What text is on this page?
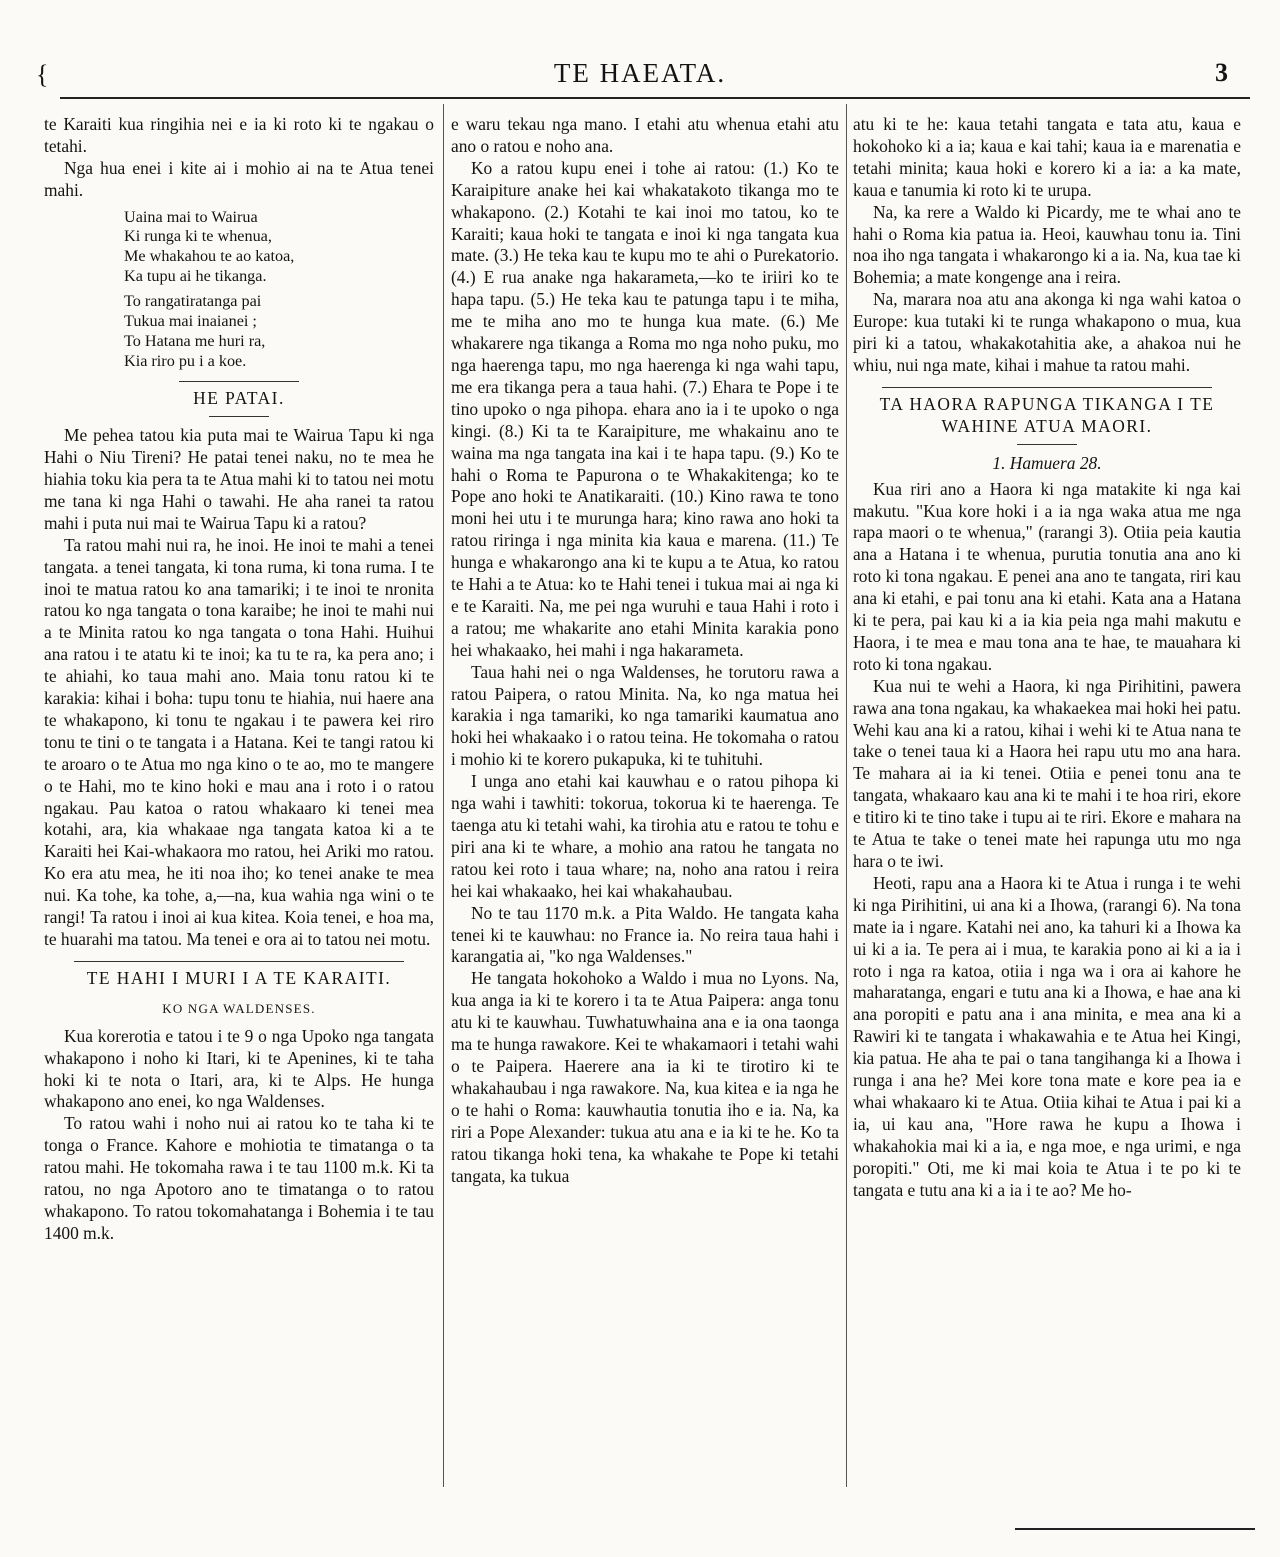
{	TE HAEATA.	3

te Karaiti kua ringihia nei e ia ki roto ki te ngakau o tetahi.

Nga hua enei i kite ai i mohio ai na te Atua tenei mahi.

Uaina mai to Wairua
Ki runga ki te whenua,
Me whakahou te ao katoa,
Ka tupu ai he tikanga.
To rangatiratanga pai
Tukua mai inaianei ;
To Hatana me huri ra,
Kia riro pu i a koe.
HE PATAI.

Me pehea tatou kia puta mai te Wairua Tapu ki nga Hahi o Niu Tireni? He patai tenei naku, no te mea he hiahia toku kia pera ta te Atua mahi ki to tatou nei motu me tana ki nga Hahi o tawahi. He aha ranei ta ratou mahi i puta nui mai te Wairua Tapu ki a ratou?

Ta ratou mahi nui ra, he inoi. He inoi te mahi a tenei tangata. a tenei tangata, ki tona ruma, ki tona ruma. I te inoi te matua ratou ko ana tamariki; i te inoi te nronita ratou ko nga tangata o tona karaibe; he inoi te mahi nui a te Minita ratou ko nga tangata o tona Hahi. Huihui ana ratou i te atatu ki te inoi; ka tu te ra, ka pera ano; i te ahiahi, ko taua mahi ano. Maia tonu ratou ki te karakia: kihai i boha: tupu tonu te hiahia, nui haere ana te whakapono, ki tonu te ngakau i te pawera kei riro tonu te tini o te tangata i a Hatana. Kei te tangi ratou ki te aroaro o te Atua mo nga kino o te ao, mo te mangere o te Hahi, mo te kino hoki e mau ana i roto i o ratou ngakau. Pau katoa o ratou whakaaro ki tenei mea kotahi, ara, kia whakaae nga tangata katoa ki a te Karaiti hei Kai-whakaora mo ratou, hei Ariki mo ratou. Ko era atu mea, he iti noa iho; ko tenei anake te mea nui. Ka tohe, ka tohe, a,—na, kua wahia nga wini o te rangi! Ta ratou i inoi ai kua kitea. Koia tenei, e hoa ma, te huarahi ma tatou. Ma tenei e ora ai to tatou nei motu.

TE HAHI I MURI I A TE KARAITI.
KO NGA WALDENSES.

Kua korerotia e tatou i te 9 o nga Upoko nga tangata whakapono i noho ki Itari, ki te Apenines, ki te taha hoki ki te nota o Itari, ara, ki te Alps. He hunga whakapono ano enei, ko nga Waldenses.

To ratou wahi i noho nui ai ratou ko te taha ki te tonga o France. Kahore e mohiotia te timatanga o ta ratou mahi. He tokomaha rawa i te tau 1100 m.k. Ki ta ratou, no nga Apotoro ano te timatanga o to ratou whakapono. To ratou tokomahatanga i Bohemia i te tau 1400 m.k.

e waru tekau nga mano. I etahi atu whenua etahi atu ano o ratou e noho ana.

Ko a ratou kupu enei i tohe ai ratou: (1.) Ko te Karaipiture anake hei kai whakatakoto tikanga mo te whakapono. (2.) Kotahi te kai inoi mo tatou, ko te Karaiti; kaua hoki te tangata e inoi ki nga tangata kua mate. (3.) He teka kau te kupu mo te ahi o Purekatorio. (4.) E rua anake nga hakarameta,—ko te iriiri ko te hapa tapu. (5.) He teka kau te patunga tapu i te miha, me te miha ano mo te hunga kua mate. (6.) Me whakarere nga tikanga a Roma mo nga noho puku, mo nga haerenga tapu, mo nga haerenga ki nga wahi tapu, me era tikanga pera a taua hahi. (7.) Ehara te Pope i te tino upoko o nga pihopa. ehara ano ia i te upoko o nga kingi. (8.) Ki ta te Karaipiture, me whakainu ano te waina ma nga tangata ina kai i te hapa tapu. (9.) Ko te hahi o Roma te Papurona o te Whakakitenga; ko te Pope ano hoki te Anatikaraiti. (10.) Kino rawa te tono moni hei utu i te murunga hara; kino rawa ano hoki ta ratou riringa i nga minita kia kaua e marena. (11.) Te hunga e whakarongo ana ki te kupu a te Atua, ko ratou te Hahi a te Atua: ko te Hahi tenei i tukua mai ai nga ki e te Karaiti. Na, me pei nga wuruhi e taua Hahi i roto i a ratou; me whakarite ano etahi Minita karakia pono hei whakaako, hei mahi i nga hakarameta.

Taua hahi nei o nga Waldenses, he torutoru rawa a ratou Paipera, o ratou Minita. Na, ko nga matua hei karakia i nga tamariki, ko nga tamariki kaumatua ano hoki hei whakaako i o ratou teina. He tokomaha o ratou i mohio ki te korero pukapuka, ki te tuhituhi.

I unga ano etahi kai kauwhau e o ratou pihopa ki nga wahi i tawhiti: tokorua, tokorua ki te haerenga. Te taenga atu ki tetahi wahi, ka tirohia atu e ratou te tohu e piri ana ki te whare, a mohio ana ratou he tangata no ratou kei roto i taua whare; na, noho ana ratou i reira hei kai whakaako, hei kai whakahaubau.

No te tau 1170 m.k. a Pita Waldo. He tangata kaha tenei ki te kauwhau: no France ia. No reira taua hahi i karangatia ai, "ko nga Waldenses."

He tangata hokohoko a Waldo i mua no Lyons. Na, kua anga ia ki te korero i ta te Atua Paipera: anga tonu atu ki te kauwhau. Tuwhatuwhaina ana e ia ona taonga ma te hunga rawakore. Kei te whakamaori i tetahi wahi o te Paipera. Haerere ana ia ki te tirotiro ki te whakahaubau i nga rawakore. Na, kua kitea e ia nga he o te hahi o Roma: kauwhautia tonutia iho e ia. Na, ka riri a Pope Alexander: tukua atu ana e ia ki te he. Ko ta ratou tikanga hoki tena, ka whakahe te Pope ki tetahi tangata, ka tukua

atu ki te he: kaua tetahi tangata e tata atu, kaua e hokohoko ki a ia; kaua e kai tahi; kaua ia e marenatia e tetahi minita; kaua hoki e korero ki a ia: a ka mate, kaua e tanumia ki roto ki te urupa.

Na, ka rere a Waldo ki Picardy, me te whai ano te hahi o Roma kia patua ia. Heoi, kauwhau tonu ia. Tini noa iho nga tangata i whakarongo ki a ia. Na, kua tae ki Bohemia; a mate kongenge ana i reira.

Na, marara noa atu ana akonga ki nga wahi katoa o Europe: kua tutaki ki te runga whakapono o mua, kua piri ki a tatou, whakakotahitia ake, a ahakoa nui he whiu, nui nga mate, kihai i mahue ta ratou mahi.

TA HAORA RAPUNGA TIKANGA I TE WAHINE ATUA MAORI.
1. Hamuera 28.

Kua riri ano a Haora ki nga matakite ki nga kai makutu. "Kua kore hoki i a ia nga waka atua me nga rapa maori o te whenua," (rarangi 3). Otiia peia kautia ana a Hatana i te whenua, purutia tonutia ana ano ki roto ki tona ngakau. E penei ana ano te tangata, riri kau ana ki etahi, e pai tonu ana ki etahi. Kata ana a Hatana ki te pera, pai kau ki a ia kia peia nga mahi makutu e Haora, i te mea e mau tona ana te hae, te mauahara ki roto ki tona ngakau.

Kua nui te wehi a Haora, ki nga Pirihitini, pawera rawa ana tona ngakau, ka whakaekea mai hoki hei patu. Wehi kau ana ki a ratou, kihai i wehi ki te Atua nana te take o tenei taua ki a Haora hei rapu utu mo ana hara. Te mahara ai ia ki tenei. Otiia e penei tonu ana te tangata, whakaaro kau ana ki te mahi i te hoa riri, ekore e titiro ki te tino take i tupu ai te riri. Ekore e mahara na te Atua te take o tenei mate hei rapunga utu mo nga hara o te iwi.

Heoti, rapu ana a Haora ki te Atua i runga i te wehi ki nga Pirihitini, ui ana ki a Ihowa, (rarangi 6). Na tona mate ia i ngare. Katahi nei ano, ka tahuri ki a Ihowa ka ui ki a ia. Te pera ai i mua, te karakia pono ai ki a ia i roto i nga ra katoa, otiia i nga wa i ora ai kahore he maharatanga, engari e tutu ana ki a Ihowa, e hae ana ki ana poropiti e patu ana i ana minita, e mea ana ki a Rawiri ki te tangata i whakawahia e te Atua hei Kingi, kia patua. He aha te pai o tana tangihanga ki a Ihowa i runga i ana he? Mei kore tona mate e kore pea ia e whai whakaaro ki te Atua. Otiia kihai te Atua i pai ki a ia, ui kau ana, "Hore rawa he kupu a Ihowa i whakahokia mai ki a ia, e nga moe, e nga urimi, e nga poropiti." Oti, me ki mai koia te Atua i te po ki te tangata e tutu ana ki a ia i te ao? Me ho-
